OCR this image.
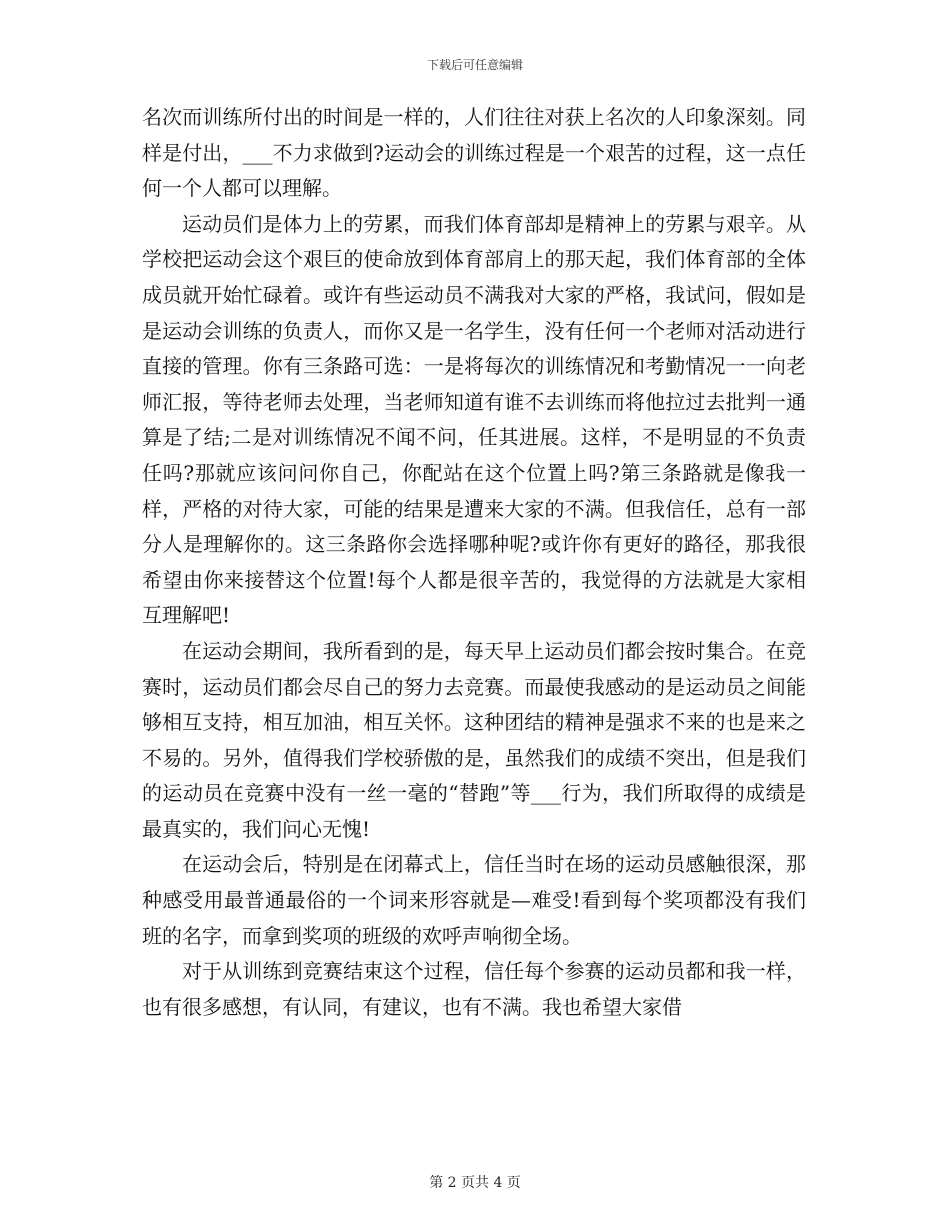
下载后可任意编辑

名次而训练所付出的时间是一样的，人们往往对获上名次的人印象深刻。同样是付出，___不力求做到?运动会的训练过程是一个艰苦的过程，这一点任何一个人都可以理解。

运动员们是体力上的劳累，而我们体育部却是精神上的劳累与艰辛。从学校把运动会这个艰巨的使命放到体育部肩上的那天起，我们体育部的全体成员就开始忙碌着。或许有些运动员不满我对大家的严格，我试问，假如是是运动会训练的负责人，而你又是一名学生，没有任何一个老师对活动进行直接的管理。你有三条路可选：一是将每次的训练情况和考勤情况一一向老师汇报，等待老师去处理，当老师知道有谁不去训练而将他拉过去批判一通算是了结;二是对训练情况不闻不问，任其进展。这样，不是明显的不负责任吗?那就应该问问你自己，你配站在这个位置上吗?第三条路就是像我一样，严格的对待大家，可能的结果是遭来大家的不满。但我信任，总有一部分人是理解你的。这三条路你会选择哪种呢?或许你有更好的路径，那我很希望由你来接替这个位置!每个人都是很辛苦的，我觉得的方法就是大家相互理解吧!

在运动会期间，我所看到的是，每天早上运动员们都会按时集合。在竞赛时，运动员们都会尽自己的努力去竞赛。而最使我感动的是运动员之间能够相互支持，相互加油，相互关怀。这种团结的精神是强求不来的也是来之不易的。另外，值得我们学校骄傲的是，虽然我们的成绩不突出，但是我们的运动员在竞赛中没有一丝一毫的“替跑”等___行为，我们所取得的成绩是最真实的，我们问心无愧!

在运动会后，特别是在闭幕式上，信任当时在场的运动员感触很深，那种感受用最普通最俗的一个词来形容就是—难受!看到每个奖项都没有我们班的名字，而拿到奖项的班级的欢呼声响彻全场。

对于从训练到竞赛结束这个过程，信任每个参赛的运动员都和我一样，也有很多感想，有认同，有建议，也有不满。我也希望大家借

第 2 页共 4 页
